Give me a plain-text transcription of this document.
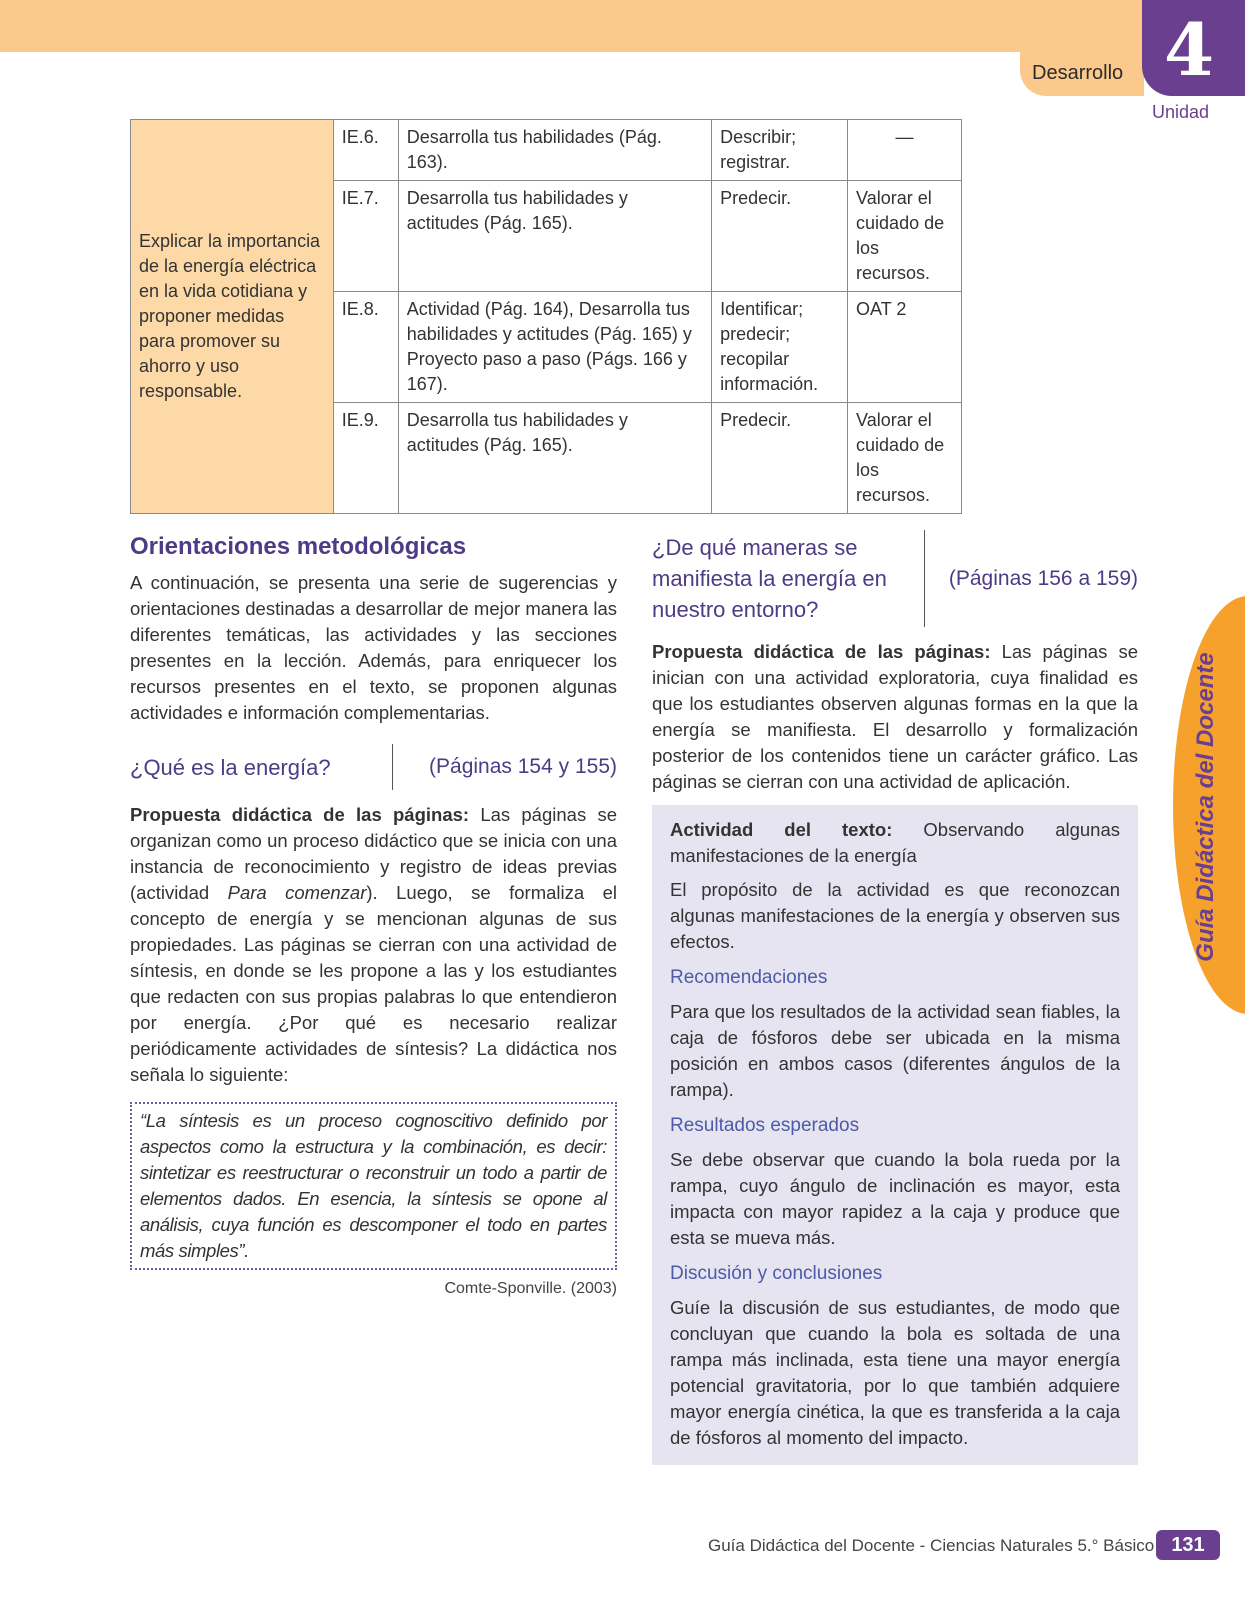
Desarrollo 4
Unidad
Guía Didáctica del Docente
Explicar la importancia de la energía eléctrica en la vida cotidiana y proponer medidas para promover su ahorro y uso responsable.	IE.6.	Desarrolla tus habilidades (Pág. 163).	Describir; registrar.	—
	IE.7.	Desarrolla tus habilidades y actitudes (Pág. 165).	Predecir.	Valorar el cuidado de los recursos.
	IE.8.	Actividad (Pág. 164), Desarrolla tus habilidades y actitudes (Pág. 165) y Proyecto paso a paso (Págs. 166 y 167).	Identificar; predecir; recopilar información.	OAT 2
	IE.9.	Desarrolla tus habilidades y actitudes (Pág. 165).	Predecir.	Valorar el cuidado de los recursos.
Orientaciones metodológicas

A continuación, se presenta una serie de sugerencias y orientaciones destinadas a desarrollar de mejor manera las diferentes temáticas, las actividades y las secciones presentes en la lección. Además, para enriquecer los recursos presentes en el texto, se proponen algunas actividades e información complementarias.

¿Qué es la energía?	(Páginas 154 y 155)

Propuesta didáctica de las páginas: Las páginas se organizan como un proceso didáctico que se inicia con una instancia de reconocimiento y registro de ideas previas (actividad Para comenzar). Luego, se formaliza el concepto de energía y se mencionan algunas de sus propiedades. Las páginas se cierran con una actividad de síntesis, en donde se les propone a las y los estudiantes que redacten con sus propias palabras lo que entendieron por energía. ¿Por qué es necesario realizar periódicamente actividades de síntesis? La didáctica nos señala lo siguiente:

“La síntesis es un proceso cognoscitivo definido por aspectos como la estructura y la combinación, es decir: sintetizar es reestructurar o reconstruir un todo a partir de elementos dados. En esencia, la síntesis se opone al análisis, cuya función es descomponer el todo en partes más simples”.

Comte-Sponville. (2003)
¿De qué maneras se manifiesta la energía en nuestro entorno?
(Páginas 156 a 159)

Propuesta didáctica de las páginas: Las páginas se inician con una actividad exploratoria, cuya finalidad es que los estudiantes observen algunas formas en la que la energía se manifiesta. El desarrollo y formalización posterior de los contenidos tiene un carácter gráfico. Las páginas se cierran con una actividad de aplicación.

Actividad del texto: Observando algunas manifestaciones de la energía

El propósito de la actividad es que reconozcan algunas manifestaciones de la energía y observen sus efectos.

Recomendaciones

Para que los resultados de la actividad sean fiables, la caja de fósforos debe ser ubicada en la misma posición en ambos casos (diferentes ángulos de la rampa).

Resultados esperados

Se debe observar que cuando la bola rueda por la rampa, cuyo ángulo de inclinación es mayor, esta impacta con mayor rapidez a la caja y produce que esta se mueva más.

Discusión y conclusiones

Guíe la discusión de sus estudiantes, de modo que concluyan que cuando la bola es soltada de una rampa más inclinada, esta tiene una mayor energía potencial gravitatoria, por lo que también adquiere mayor energía cinética, la que es transferida a la caja de fósforos al momento del impacto.

Guía Didáctica del Docente - Ciencias Naturales 5.° Básico 131
